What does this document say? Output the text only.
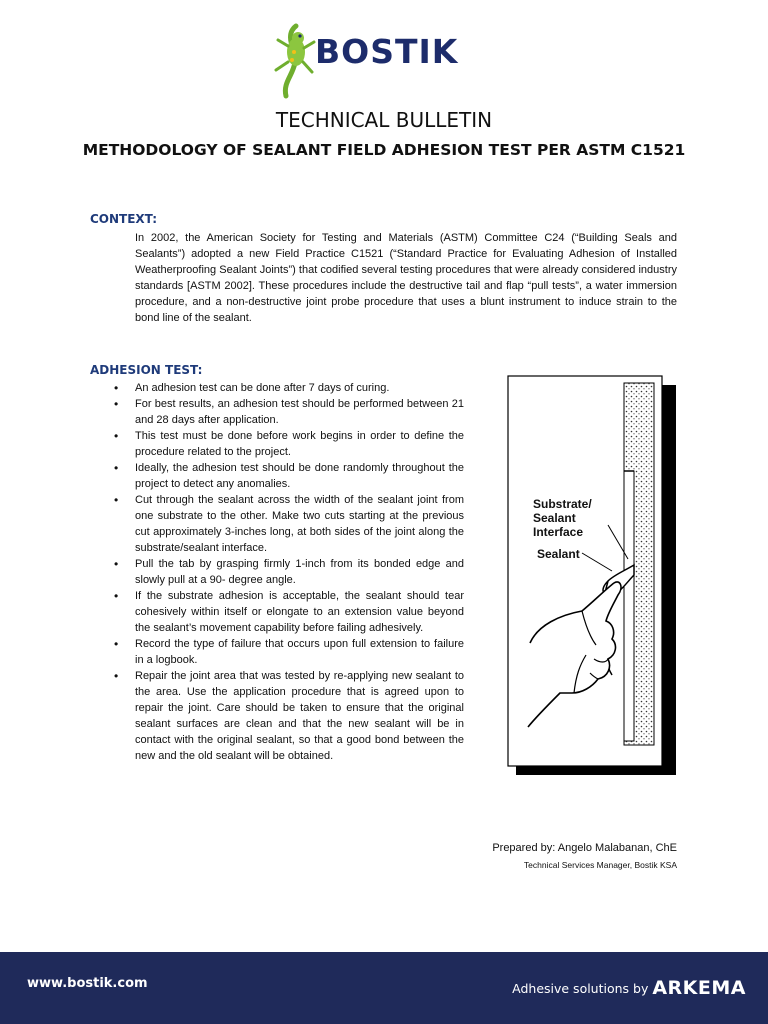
BOSTIK
TECHNICAL BULLETIN
METHODOLOGY OF SEALANT FIELD ADHESION TEST PER ASTM C1521
CONTEXT:
In 2002, the American Society for Testing and Materials (ASTM) Committee C24 (“Building Seals and Sealants”) adopted a new Field Practice C1521 (“Standard Practice for Evaluating Adhesion of Installed Weatherproofing Sealant Joints”) that codified several testing procedures that were already considered industry standards [ASTM 2002]. These procedures include the destructive tail and flap “pull tests”, a water immersion procedure, and a non-destructive joint probe procedure that uses a blunt instrument to induce strain to the bond line of the sealant.
ADHESION TEST:
• An adhesion test can be done after 7 days of curing.
• For best results, an adhesion test should be performed between 21 and 28 days after application.
• This test must be done before work begins in order to define the procedure related to the project.
• Ideally, the adhesion test should be done randomly throughout the project to detect any anomalies.
• Cut through the sealant across the width of the sealant joint from one substrate to the other. Make two cuts starting at the previous cut approximately 3-inches long, at both sides of the joint along the substrate/sealant interface.
• Pull the tab by grasping firmly 1-inch from its bonded edge and slowly pull at a 90- degree angle.
• If the substrate adhesion is acceptable, the sealant should tear cohesively within itself or elongate to an extension value beyond the sealant’s movement capability before failing adhesively.
• Record the type of failure that occurs upon full extension to failure in a logbook.
• Repair the joint area that was tested by re-applying new sealant to the area. Use the application procedure that is agreed upon to repair the joint. Care should be taken to ensure that the original sealant surfaces are clean and that the new sealant will be in contact with the original sealant, so that a good bond between the new and the old sealant will be obtained.
Substrate/
Sealant
Interface
Sealant
Prepared by: Angelo Malabanan, ChE
Technical Services Manager, Bostik KSA
www.bostik.com	Adhesive solutions by ARKEMA
